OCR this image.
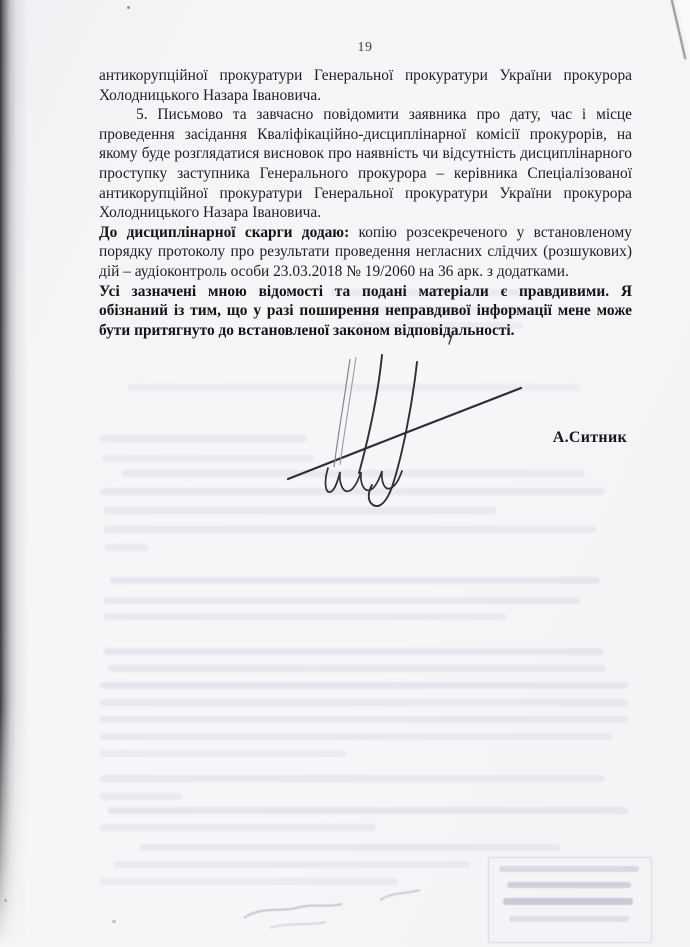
19

антикорупційної прокуратури Генеральної прокуратури України прокурора Холодницького Назара Івановича.

5. Письмово та завчасно повідомити заявника про дату, час і місце проведення засідання Кваліфікаційно-дисциплінарної комісії прокурорів, на якому буде розглядатися висновок про наявність чи відсутність дисциплінарного проступку заступника Генерального прокурора – керівника Спеціалізованої антикорупційної прокуратури Генеральної прокуратури України прокурора Холодницького Назара Івановича.

До дисциплінарної скарги додаю: копію розсекреченого у встановленому порядку протоколу про результати проведення негласних слідчих (розшукових) дій – аудіоконтроль особи 23.03.2018 № 19/2060 на 36 арк. з додатками.

Усі зазначені мною відомості та подані матеріали є правдивими. Я обізнаний із тим, що у разі поширення неправдивої інформації мене може бути притягнуто до встановленої законом відповідальності.

А.Ситник
